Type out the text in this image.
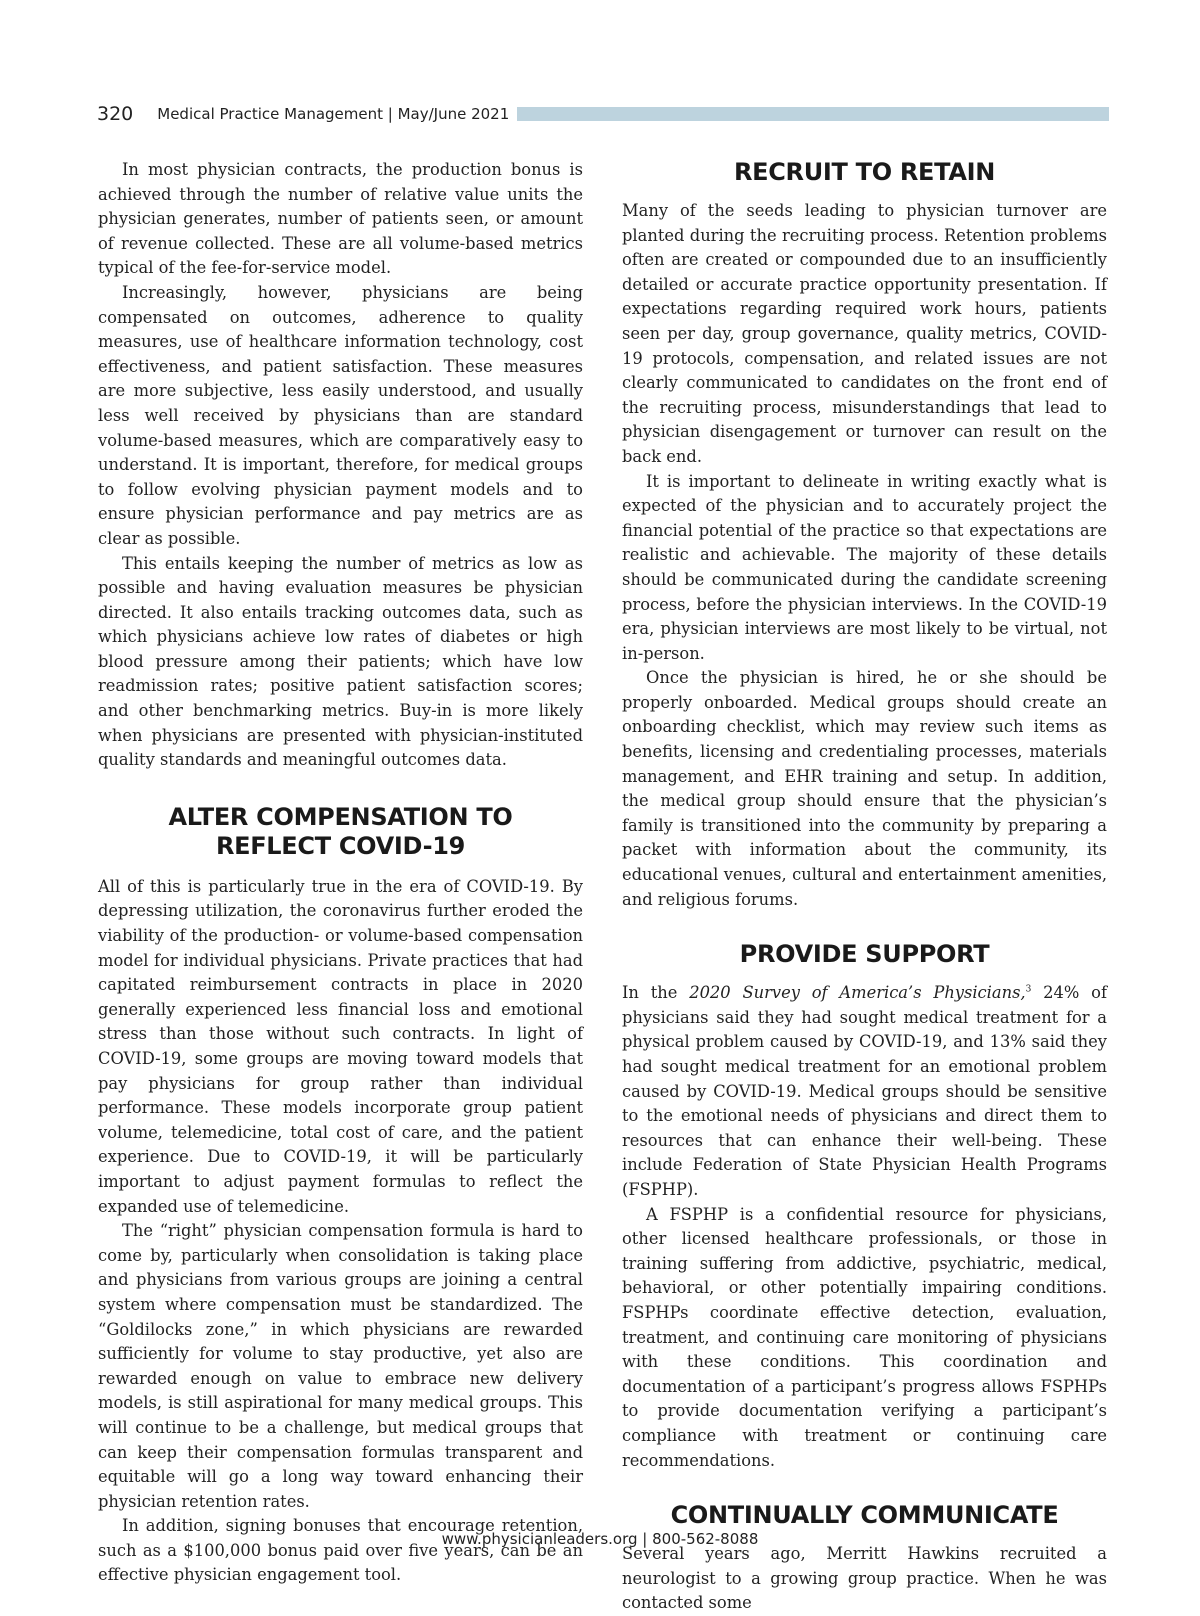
320 Medical Practice Management | May/June 2021

In most physician contracts, the production bonus is achieved through the number of relative value units the physician generates, number of patients seen, or amount of revenue collected. These are all volume-based metrics typical of the fee-for-service model.

Increasingly, however, physicians are being compensated on outcomes, adherence to quality measures, use of healthcare information technology, cost effectiveness, and patient satisfaction. These measures are more subjective, less easily understood, and usually less well received by physicians than are standard volume-based measures, which are comparatively easy to understand. It is important, therefore, for medical groups to follow evolving physician payment models and to ensure physician performance and pay metrics are as clear as possible.

This entails keeping the number of metrics as low as possible and having evaluation measures be physician directed. It also entails tracking outcomes data, such as which physicians achieve low rates of diabetes or high blood pressure among their patients; which have low readmission rates; positive patient satisfaction scores; and other benchmarking metrics. Buy-in is more likely when physicians are presented with physician-instituted quality standards and meaningful outcomes data.

ALTER COMPENSATION TO
REFLECT COVID-19

All of this is particularly true in the era of COVID-19. By depressing utilization, the coronavirus further eroded the viability of the production- or volume-based compensation model for individual physicians. Private practices that had capitated reimbursement contracts in place in 2020 generally experienced less financial loss and emotional stress than those without such contracts. In light of COVID-19, some groups are moving toward models that pay physicians for group rather than individual performance. These models incorporate group patient volume, telemedicine, total cost of care, and the patient experience. Due to COVID-19, it will be particularly important to adjust payment formulas to reflect the expanded use of telemedicine.

The “right” physician compensation formula is hard to come by, particularly when consolidation is taking place and physicians from various groups are joining a central system where compensation must be standardized. The “Goldilocks zone,” in which physicians are rewarded sufficiently for volume to stay productive, yet also are rewarded enough on value to embrace new delivery models, is still aspirational for many medical groups. This will continue to be a challenge, but medical groups that can keep their compensation formulas transparent and equitable will go a long way toward enhancing their physician retention rates.

In addition, signing bonuses that encourage retention, such as a $100,000 bonus paid over five years, can be an effective physician engagement tool.

RECRUIT TO RETAIN

Many of the seeds leading to physician turnover are planted during the recruiting process. Retention problems often are created or compounded due to an insufficiently detailed or accurate practice opportunity presentation. If expectations regarding required work hours, patients seen per day, group governance, quality metrics, COVID-19 protocols, compensation, and related issues are not clearly communicated to candidates on the front end of the recruiting process, misunderstandings that lead to physician disengagement or turnover can result on the back end.

It is important to delineate in writing exactly what is expected of the physician and to accurately project the financial potential of the practice so that expectations are realistic and achievable. The majority of these details should be communicated during the candidate screening process, before the physician interviews. In the COVID-19 era, physician interviews are most likely to be virtual, not in-person.

Once the physician is hired, he or she should be properly onboarded. Medical groups should create an onboarding checklist, which may review such items as benefits, licensing and credentialing processes, materials management, and EHR training and setup. In addition, the medical group should ensure that the physician’s family is transitioned into the community by preparing a packet with information about the community, its educational venues, cultural and entertainment amenities, and religious forums.

PROVIDE SUPPORT

In the 2020 Survey of America’s Physicians,$^3$ 24% of physicians said they had sought medical treatment for a physical problem caused by COVID-19, and 13% said they had sought medical treatment for an emotional problem caused by COVID-19. Medical groups should be sensitive to the emotional needs of physicians and direct them to resources that can enhance their well-being. These include Federation of State Physician Health Programs (FSPHP).

A FSPHP is a confidential resource for physicians, other licensed healthcare professionals, or those in training suffering from addictive, psychiatric, medical, behavioral, or other potentially impairing conditions. FSPHPs coordinate effective detection, evaluation, treatment, and continuing care monitoring of physicians with these conditions. This coordination and documentation of a participant’s progress allows FSPHPs to provide documentation verifying a participant’s compliance with treatment or continuing care recommendations.

CONTINUALLY COMMUNICATE

Several years ago, Merritt Hawkins recruited a neurologist to a growing group practice. When he was contacted some

www.physicianleaders.org | 800-562-8088
